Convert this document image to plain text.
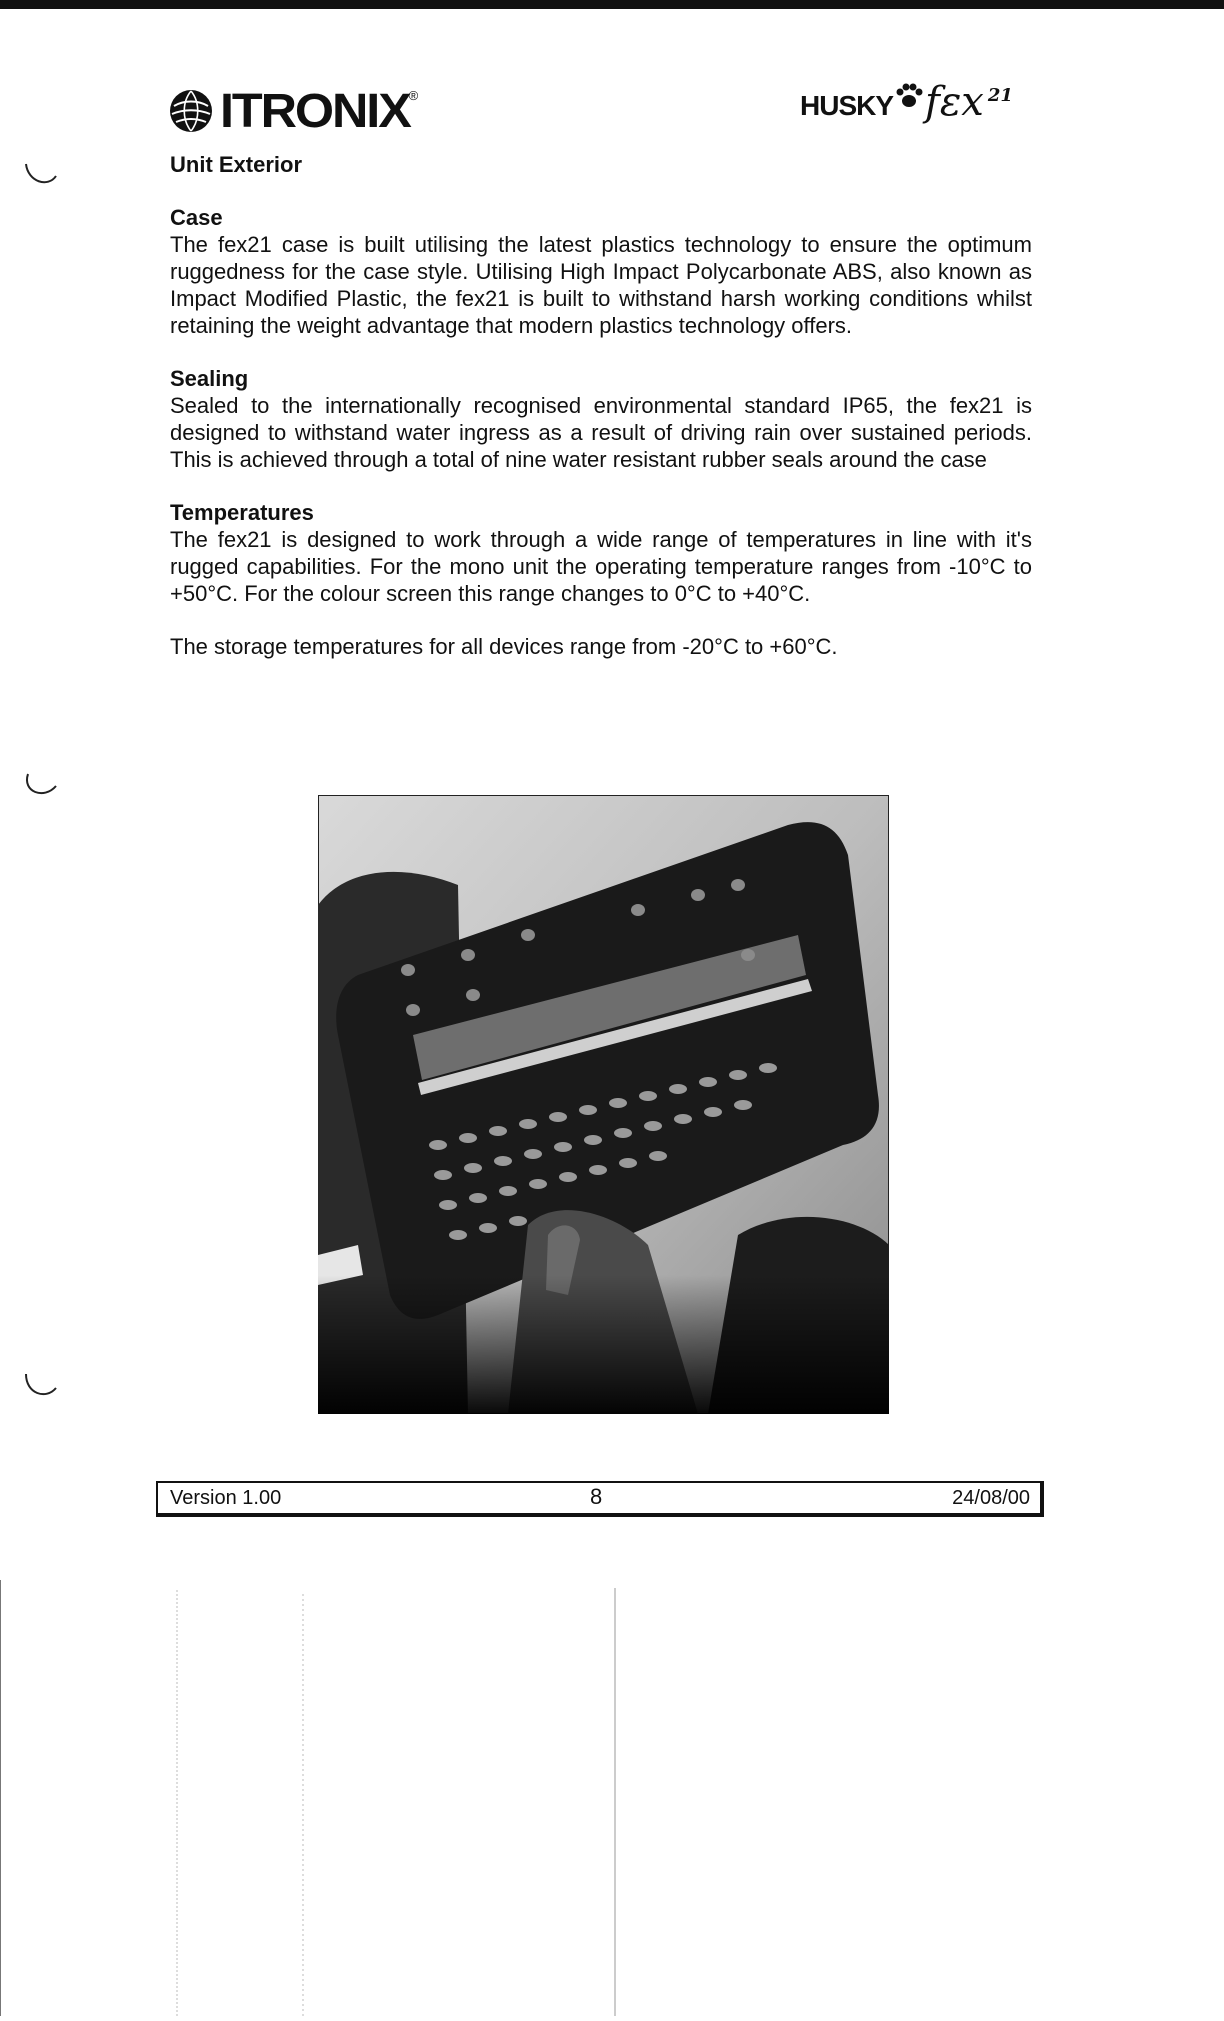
ITRONIX
®	HUSKY fεx 21
Unit Exterior
Case

The fex21 case is built utilising the latest plastics technology to ensure the optimum ruggedness for the case style. Utilising High Impact Polycarbonate ABS, also known as Impact Modified Plastic, the fex21 is built to withstand harsh working conditions whilst retaining the weight advantage that modern plastics technology offers.

Sealing

Sealed to the internationally recognised environmental standard IP65, the fex21 is designed to withstand water ingress as a result of driving rain over sustained periods. This is achieved through a total of nine water resistant rubber seals around the case

Temperatures

The fex21 is designed to work through a wide range of temperatures in line with it's rugged capabilities. For the mono unit the operating temperature ranges from -10°C to +50°C. For the colour screen this range changes to 0°C to +40°C.

The storage temperatures for all devices range from -20°C to +60°C.

Version 1.00	8	24/08/00
